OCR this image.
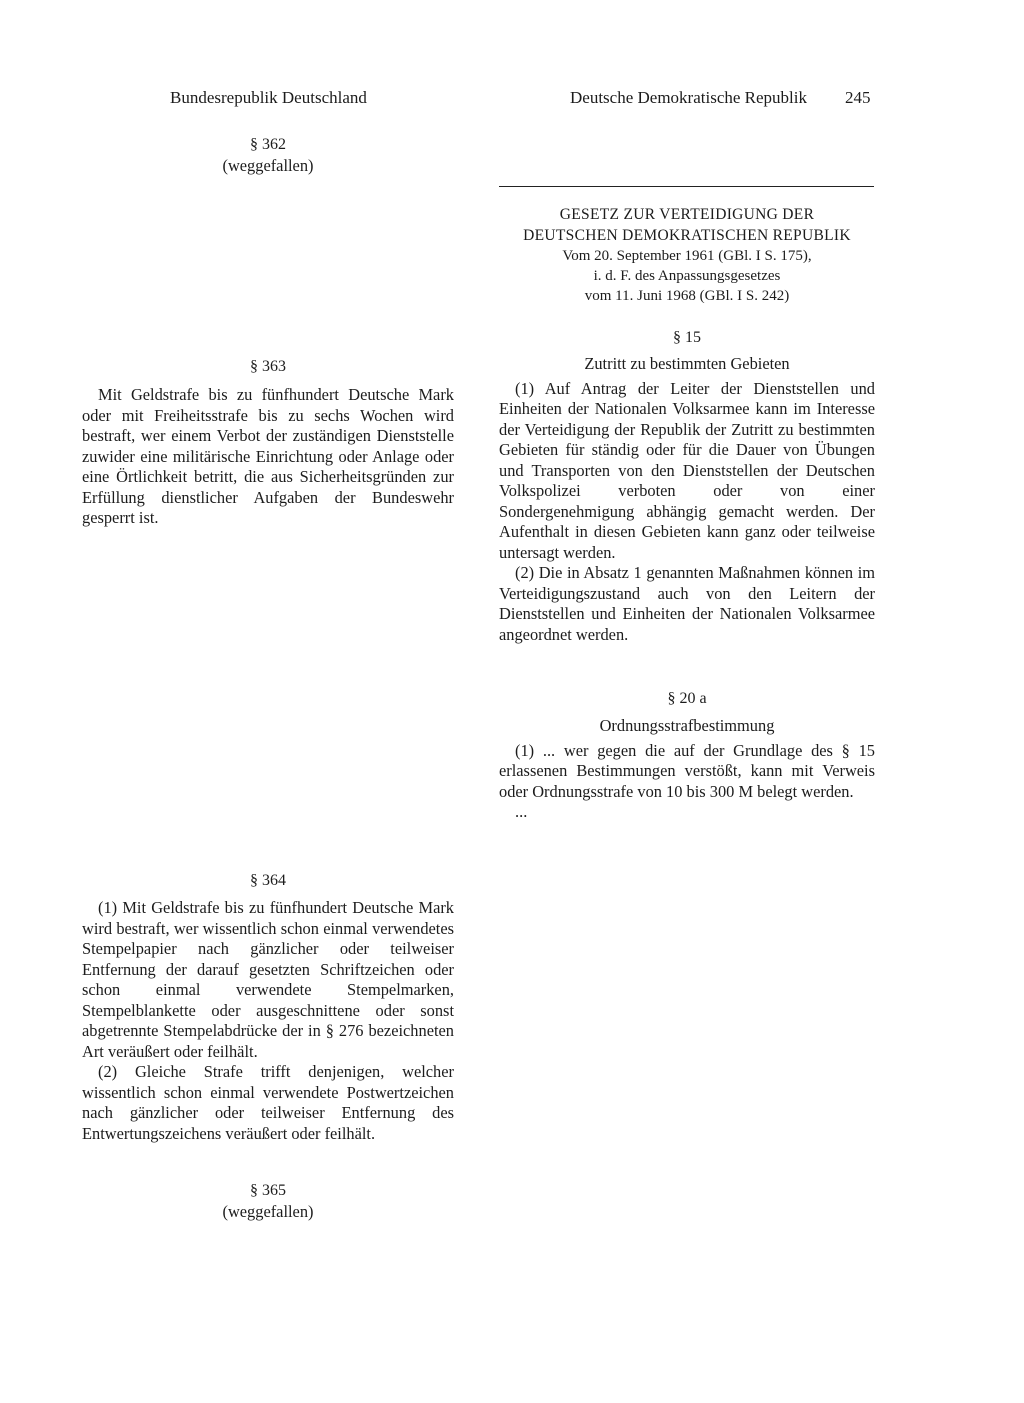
Bundesrepublik Deutschland	Deutsche Demokratische Republik 245
§ 362
(weggefallen)
§ 363

Mit Geldstrafe bis zu fünfhundert Deutsche Mark oder mit Freiheitsstrafe bis zu sechs Wochen wird bestraft, wer einem Verbot der zuständigen Dienststelle zuwider eine militärische Einrichtung oder Anlage oder eine Örtlichkeit betritt, die aus Sicherheitsgründen zur Erfüllung dienstlicher Aufgaben der Bundeswehr gesperrt ist.

§ 364

(1) Mit Geldstrafe bis zu fünfhundert Deutsche Mark wird bestraft, wer wissentlich schon einmal verwendetes Stempelpapier nach gänzlicher oder teilweiser Entfernung der darauf gesetzten Schriftzeichen oder schon einmal verwendete Stempelmarken, Stempelblankette oder ausgeschnittene oder sonst abgetrennte Stempelabdrücke der in § 276 bezeichneten Art veräußert oder feilhält.

(2) Gleiche Strafe trifft denjenigen, welcher wissentlich schon einmal verwendete Postwertzeichen nach gänzlicher oder teilweiser Entfernung des Entwertungszeichens veräußert oder feilhält.

§ 365
(weggefallen)
GESETZ ZUR VERTEIDIGUNG DER
DEUTSCHEN DEMOKRATISCHEN REPUBLIK
Vom 20. September 1961 (GBl. I S. 175),
i. d. F. des Anpassungsgesetzes
vom 11. Juni 1968 (GBl. I S. 242)
§ 15
Zutritt zu bestimmten Gebieten

(1) Auf Antrag der Leiter der Dienststellen und Einheiten der Nationalen Volksarmee kann im Interesse der Verteidigung der Republik der Zutritt zu bestimmten Gebieten für ständig oder für die Dauer von Übungen und Transporten von den Dienststellen der Deutschen Volkspolizei verboten oder von einer Sondergenehmigung abhängig gemacht werden. Der Aufenthalt in diesen Gebieten kann ganz oder teilweise untersagt werden.

(2) Die in Absatz 1 genannten Maßnahmen können im Verteidigungszustand auch von den Leitern der Dienststellen und Einheiten der Nationalen Volksarmee angeordnet werden.

§ 20 a
Ordnungsstrafbestimmung

(1) ... wer gegen die auf der Grundlage des § 15 erlassenen Bestimmungen verstößt, kann mit Verweis oder Ordnungsstrafe von 10 bis 300 M belegt werden.

...
